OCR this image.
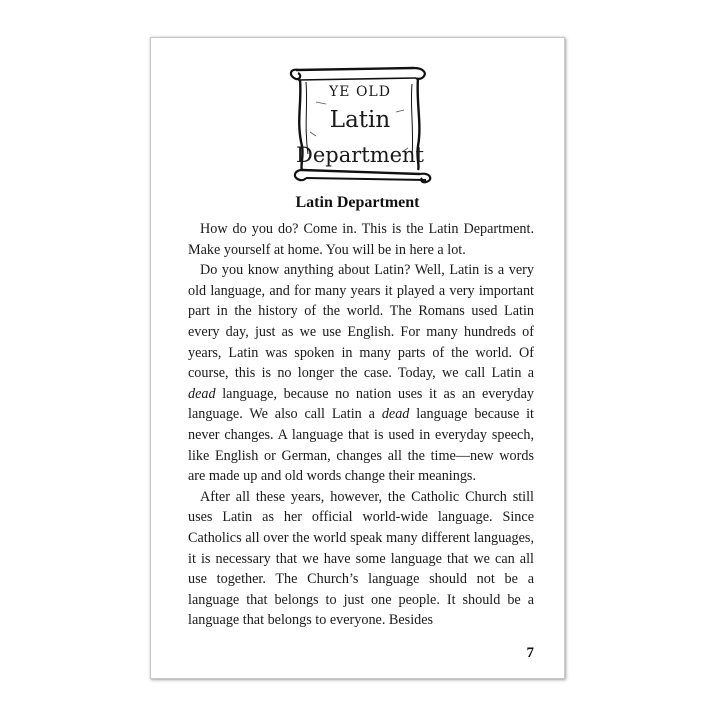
YE OLD
Latin
Department
Latin Department

How do you do? Come in. This is the Latin Department. Make yourself at home. You will be in here a lot.

Do you know anything about Latin? Well, Latin is a very old language, and for many years it played a very important part in the history of the world. The Romans used Latin every day, just as we use English. For many hundreds of years, Latin was spoken in many parts of the world. Of course, this is no longer the case. Today, we call Latin a dead language, because no nation uses it as an everyday language. We also call Latin a dead language because it never changes. A language that is used in everyday speech, like English or German, changes all the time—new words are made up and old words change their meanings.

After all these years, however, the Catholic Church still uses Latin as her official world-wide language. Since Catholics all over the world speak many different languages, it is necessary that we have some language that we can all use together. The Church’s language should not be a language that belongs to just one people. It should be a language that belongs to everyone. Besides

7
